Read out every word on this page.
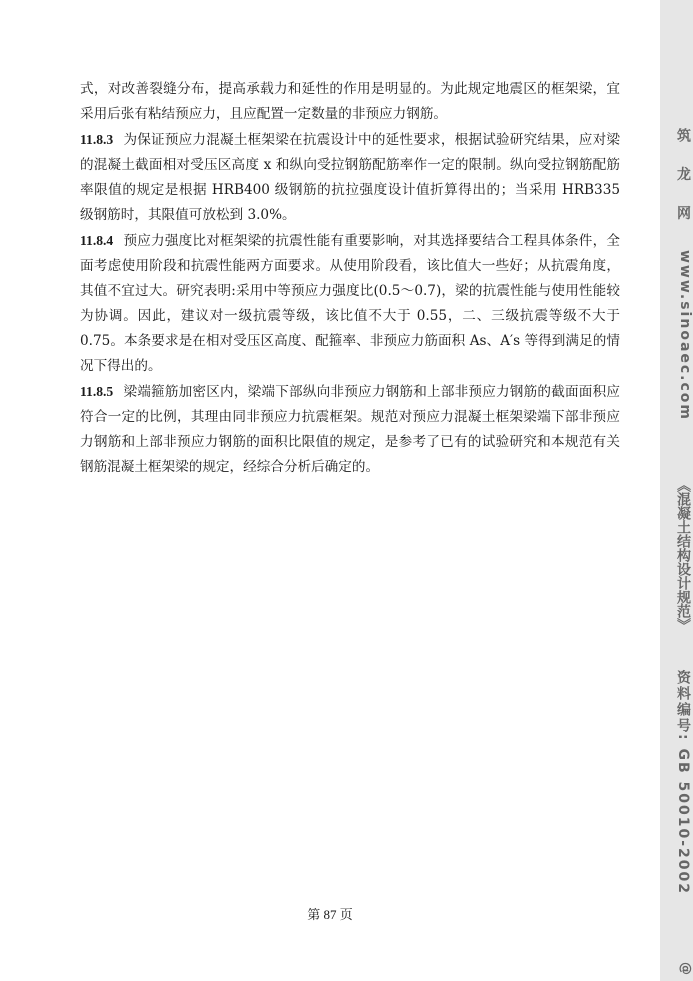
式，对改善裂缝分布，提高承载力和延性的作用是明显的。为此规定地震区的框架梁，宜采用后张有粘结预应力，且应配置一定数量的非预应力钢筋。

11.8.3 为保证预应力混凝土框架梁在抗震设计中的延性要求，根据试验研究结果，应对梁的混凝土截面相对受压区高度 x 和纵向受拉钢筋配筋率作一定的限制。纵向受拉钢筋配筋率限值的规定是根据 HRB400 级钢筋的抗拉强度设计值折算得出的；当采用 HRB335 级钢筋时，其限值可放松到 3.0%。

11.8.4 预应力强度比对框架梁的抗震性能有重要影响，对其选择要结合工程具体条件，全面考虑使用阶段和抗震性能两方面要求。从使用阶段看，该比值大一些好；从抗震角度，其值不宜过大。研究表明:采用中等预应力强度比(0.5～0.7)，梁的抗震性能与使用性能较为协调。因此，建议对一级抗震等级，该比值不大于 0.55，二、三级抗震等级不大于 0.75。本条要求是在相对受压区高度、配箍率、非预应力筋面积 As、A′s 等得到满足的情况下得出的。

11.8.5 梁端箍筋加密区内，梁端下部纵向非预应力钢筋和上部非预应力钢筋的截面面积应符合一定的比例，其理由同非预应力抗震框架。规范对预应力混凝土框架梁端下部非预应力钢筋和上部非预应力钢筋的面积比限值的规定，是参考了已有的试验研究和本规范有关钢筋混凝土框架梁的规定，经综合分析后确定的。

第 87 页
筑 龙 网
www.sinoaec.com
《混凝土结构设计规范》
资料编号: GB 50010-2002
@
